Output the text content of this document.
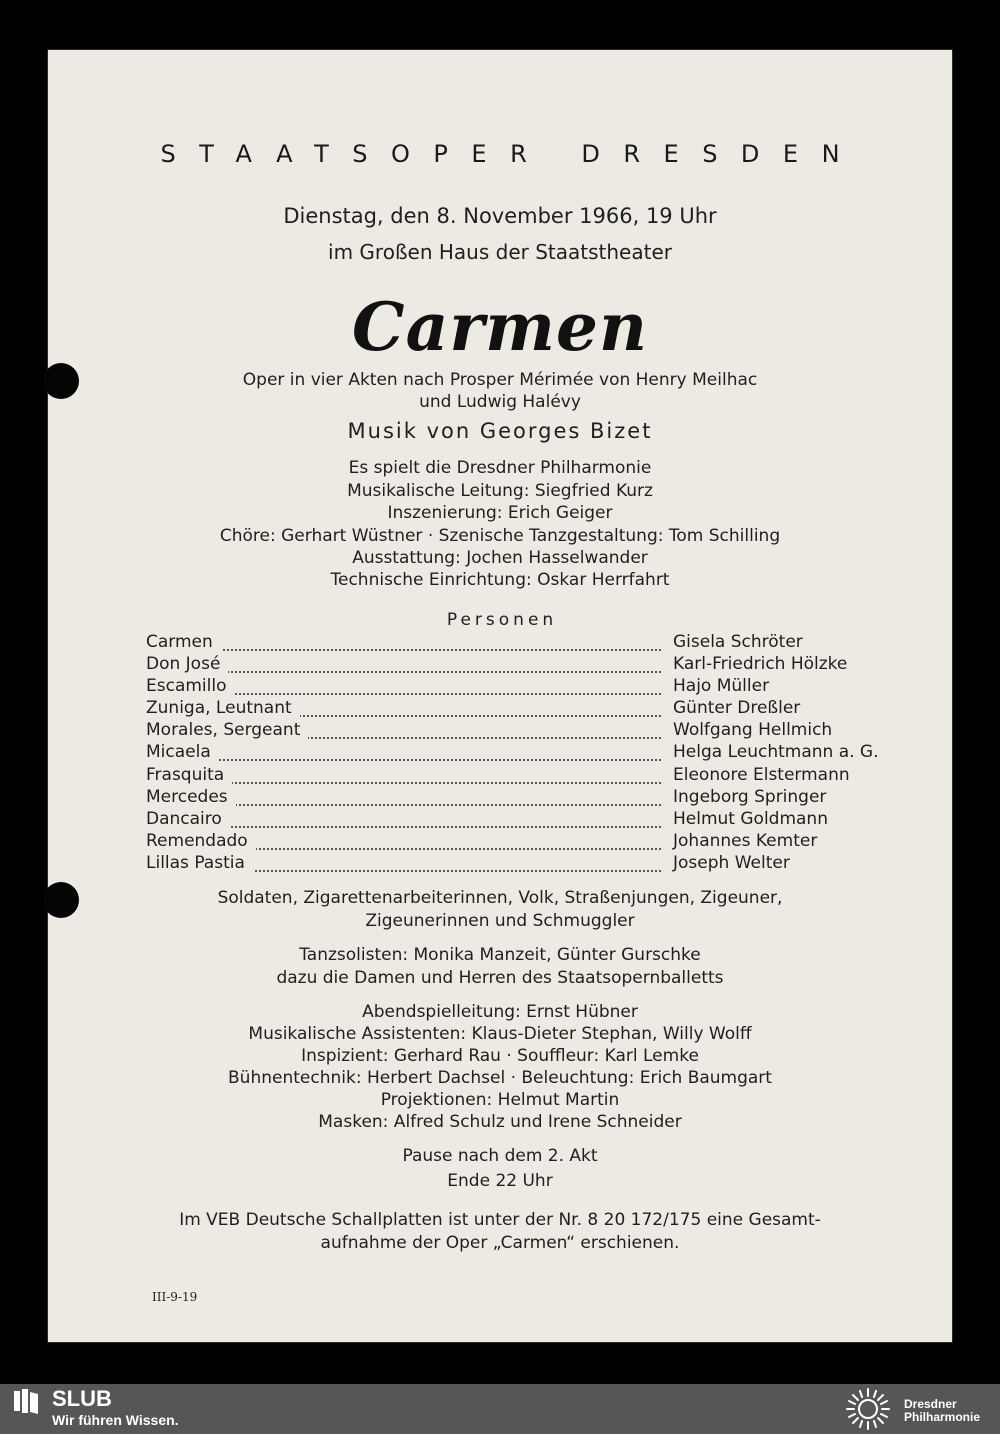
STAATSOPER DRESDEN
Dienstag, den 8. November 1966, 19 Uhr
im Großen Haus der Staatstheater
Carmen
Oper in vier Akten nach Prosper Mérimée von Henry Meilhac
und Ludwig Halévy
Musik von Georges Bizet
Es spielt die Dresdner Philharmonie
Musikalische Leitung: Siegfried Kurz
Inszenierung: Erich Geiger
Chöre: Gerhart Wüstner · Szenische Tanzgestaltung: Tom Schilling
Ausstattung: Jochen Hasselwander
Technische Einrichtung: Oskar Herrfahrt
Personen
Carmen	Gisela Schröter
Don José	Karl-Friedrich Hölzke
Escamillo	Hajo Müller
Zuniga, Leutnant	Günter Dreßler
Morales, Sergeant	Wolfgang Hellmich
Micaela	Helga Leuchtmann a. G.
Frasquita	Eleonore Elstermann
Mercedes	Ingeborg Springer
Dancairo	Helmut Goldmann
Remendado	Johannes Kemter
Lillas Pastia	Joseph Welter
Soldaten, Zigarettenarbeiterinnen, Volk, Straßenjungen, Zigeuner,
Zigeunerinnen und Schmuggler
Tanzsolisten: Monika Manzeit, Günter Gurschke
dazu die Damen und Herren des Staatsopernballetts
Abendspielleitung: Ernst Hübner
Musikalische Assistenten: Klaus-Dieter Stephan, Willy Wolff
Inspizient: Gerhard Rau · Souffleur: Karl Lemke
Bühnentechnik: Herbert Dachsel · Beleuchtung: Erich Baumgart
Projektionen: Helmut Martin
Masken: Alfred Schulz und Irene Schneider
Pause nach dem 2. Akt
Ende 22 Uhr
Im VEB Deutsche Schallplatten ist unter der Nr. 8 20 172/175 eine Gesamt-
aufnahme der Oper „Carmen“ erschienen.
III-9-19
SLUB
Wir führen Wissen.
Dresdner
Philharmonie
